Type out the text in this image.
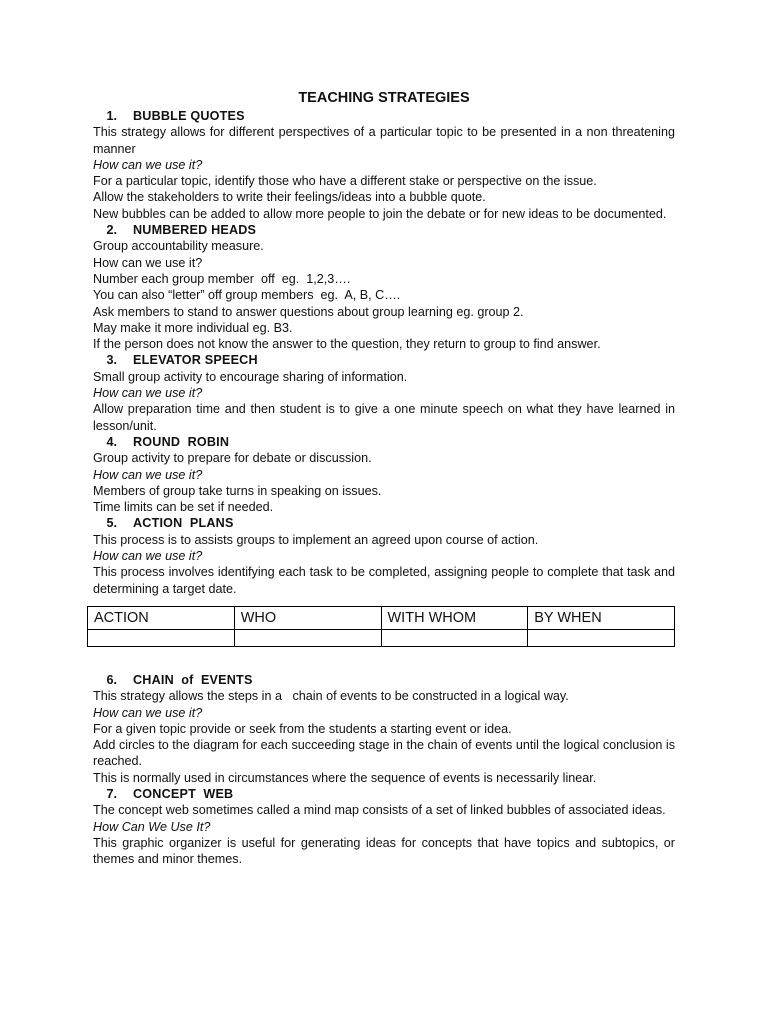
TEACHING STRATEGIES
1. BUBBLE QUOTES
This strategy allows for different perspectives of a particular topic to be presented in a non threatening manner
How can we use it?
For a particular topic, identify those who have a different stake or perspective on the issue.
Allow the stakeholders to write their feelings/ideas into a bubble quote.
New bubbles can be added to allow more people to join the debate or for new ideas to be documented.
2. NUMBERED HEADS
Group accountability measure.
How can we use it?
Number each group member  off  eg.  1,2,3….
You can also “letter” off group members  eg.  A, B, C….
Ask members to stand to answer questions about group learning eg. group 2.
May make it more individual eg. B3.
If the person does not know the answer to the question, they return to group to find answer.
3. ELEVATOR SPEECH
Small group activity to encourage sharing of information.
How can we use it?
Allow preparation time and then student is to give a one minute speech on what they have learned in lesson/unit.
4. ROUND  ROBIN
Group activity to prepare for debate or discussion.
How can we use it?
Members of group take turns in speaking on issues.
Time limits can be set if needed.
5. ACTION  PLANS
This process is to assists groups to implement an agreed upon course of action.
How can we use it?
This process involves identifying each task to be completed, assigning people to complete that task and determining a target date.
ACTION	WHO	WITH WHOM	BY WHEN

6. CHAIN  of  EVENTS
This strategy allows the steps in a   chain of events to be constructed in a logical way.
How can we use it?
For a given topic provide or seek from the students a starting event or idea.
Add circles to the diagram for each succeeding stage in the chain of events until the logical conclusion is reached.
This is normally used in circumstances where the sequence of events is necessarily linear.
7. CONCEPT  WEB
The concept web sometimes called a mind map consists of a set of linked bubbles of associated ideas.
How Can We Use It?
This graphic organizer is useful for generating ideas for concepts that have topics and subtopics, or themes and minor themes.
